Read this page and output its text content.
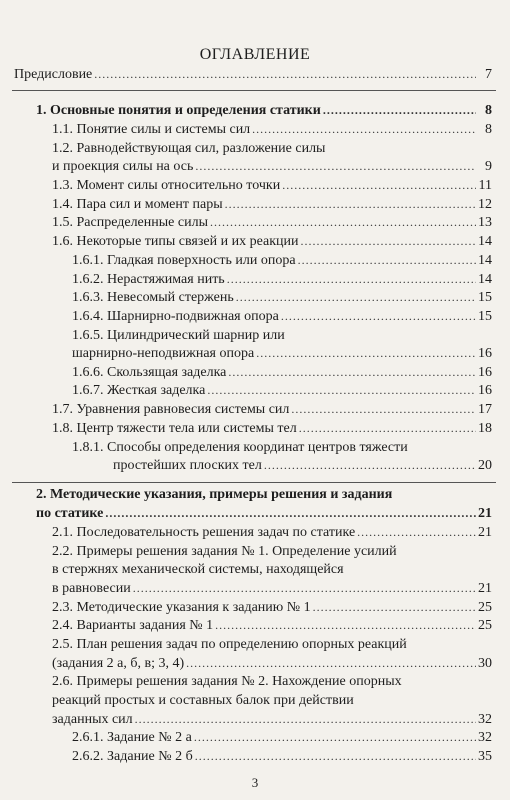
ОГЛАВЛЕНИЕ
Предисловие .....	7
1. Основные понятия и определения статики .....	8
1.1. Понятие силы и системы сил .....	8
1.2. Равнодействующая сил, разложение силы
и проекция силы на ось .....	9
1.3. Момент силы относительно точки .....	11
1.4. Пара сил и момент пары .....	12
1.5. Распределенные силы .....	13
1.6. Некоторые типы связей и их реакции .....	14
1.6.1. Гладкая поверхность или опора .....	14
1.6.2. Нерастяжимая нить .....	14
1.6.3. Невесомый стержень .....	15
1.6.4. Шарнирно-подвижная опора .....	15
1.6.5. Цилиндрический шарнир или
шарнирно-неподвижная опора .....	16
1.6.6. Скользящая заделка .....	16
1.6.7. Жесткая заделка .....	16
1.7. Уравнения равновесия системы сил .....	17
1.8. Центр тяжести тела или системы тел .....	18
1.8.1. Способы определения координат центров тяжести
простейших плоских тел .....	20
2. Методические указания, примеры решения и задания
по статике .....	21
2.1. Последовательность решения задач по статике .....	21
2.2. Примеры решения задания № 1. Определение усилий
в стержнях механической системы, находящейся
в равновесии .....	21
2.3. Методические указания к заданию № 1 .....	25
2.4. Варианты задания № 1 .....	25
2.5. План решения задач по определению опорных реакций
(задания 2 а, б, в; 3, 4) .....	30
2.6. Примеры решения задания № 2. Нахождение опорных
реакций простых и составных балок при действии
заданных сил .....	32
2.6.1. Задание № 2 а .....	32
2.6.2. Задание № 2 б .....	35
3
